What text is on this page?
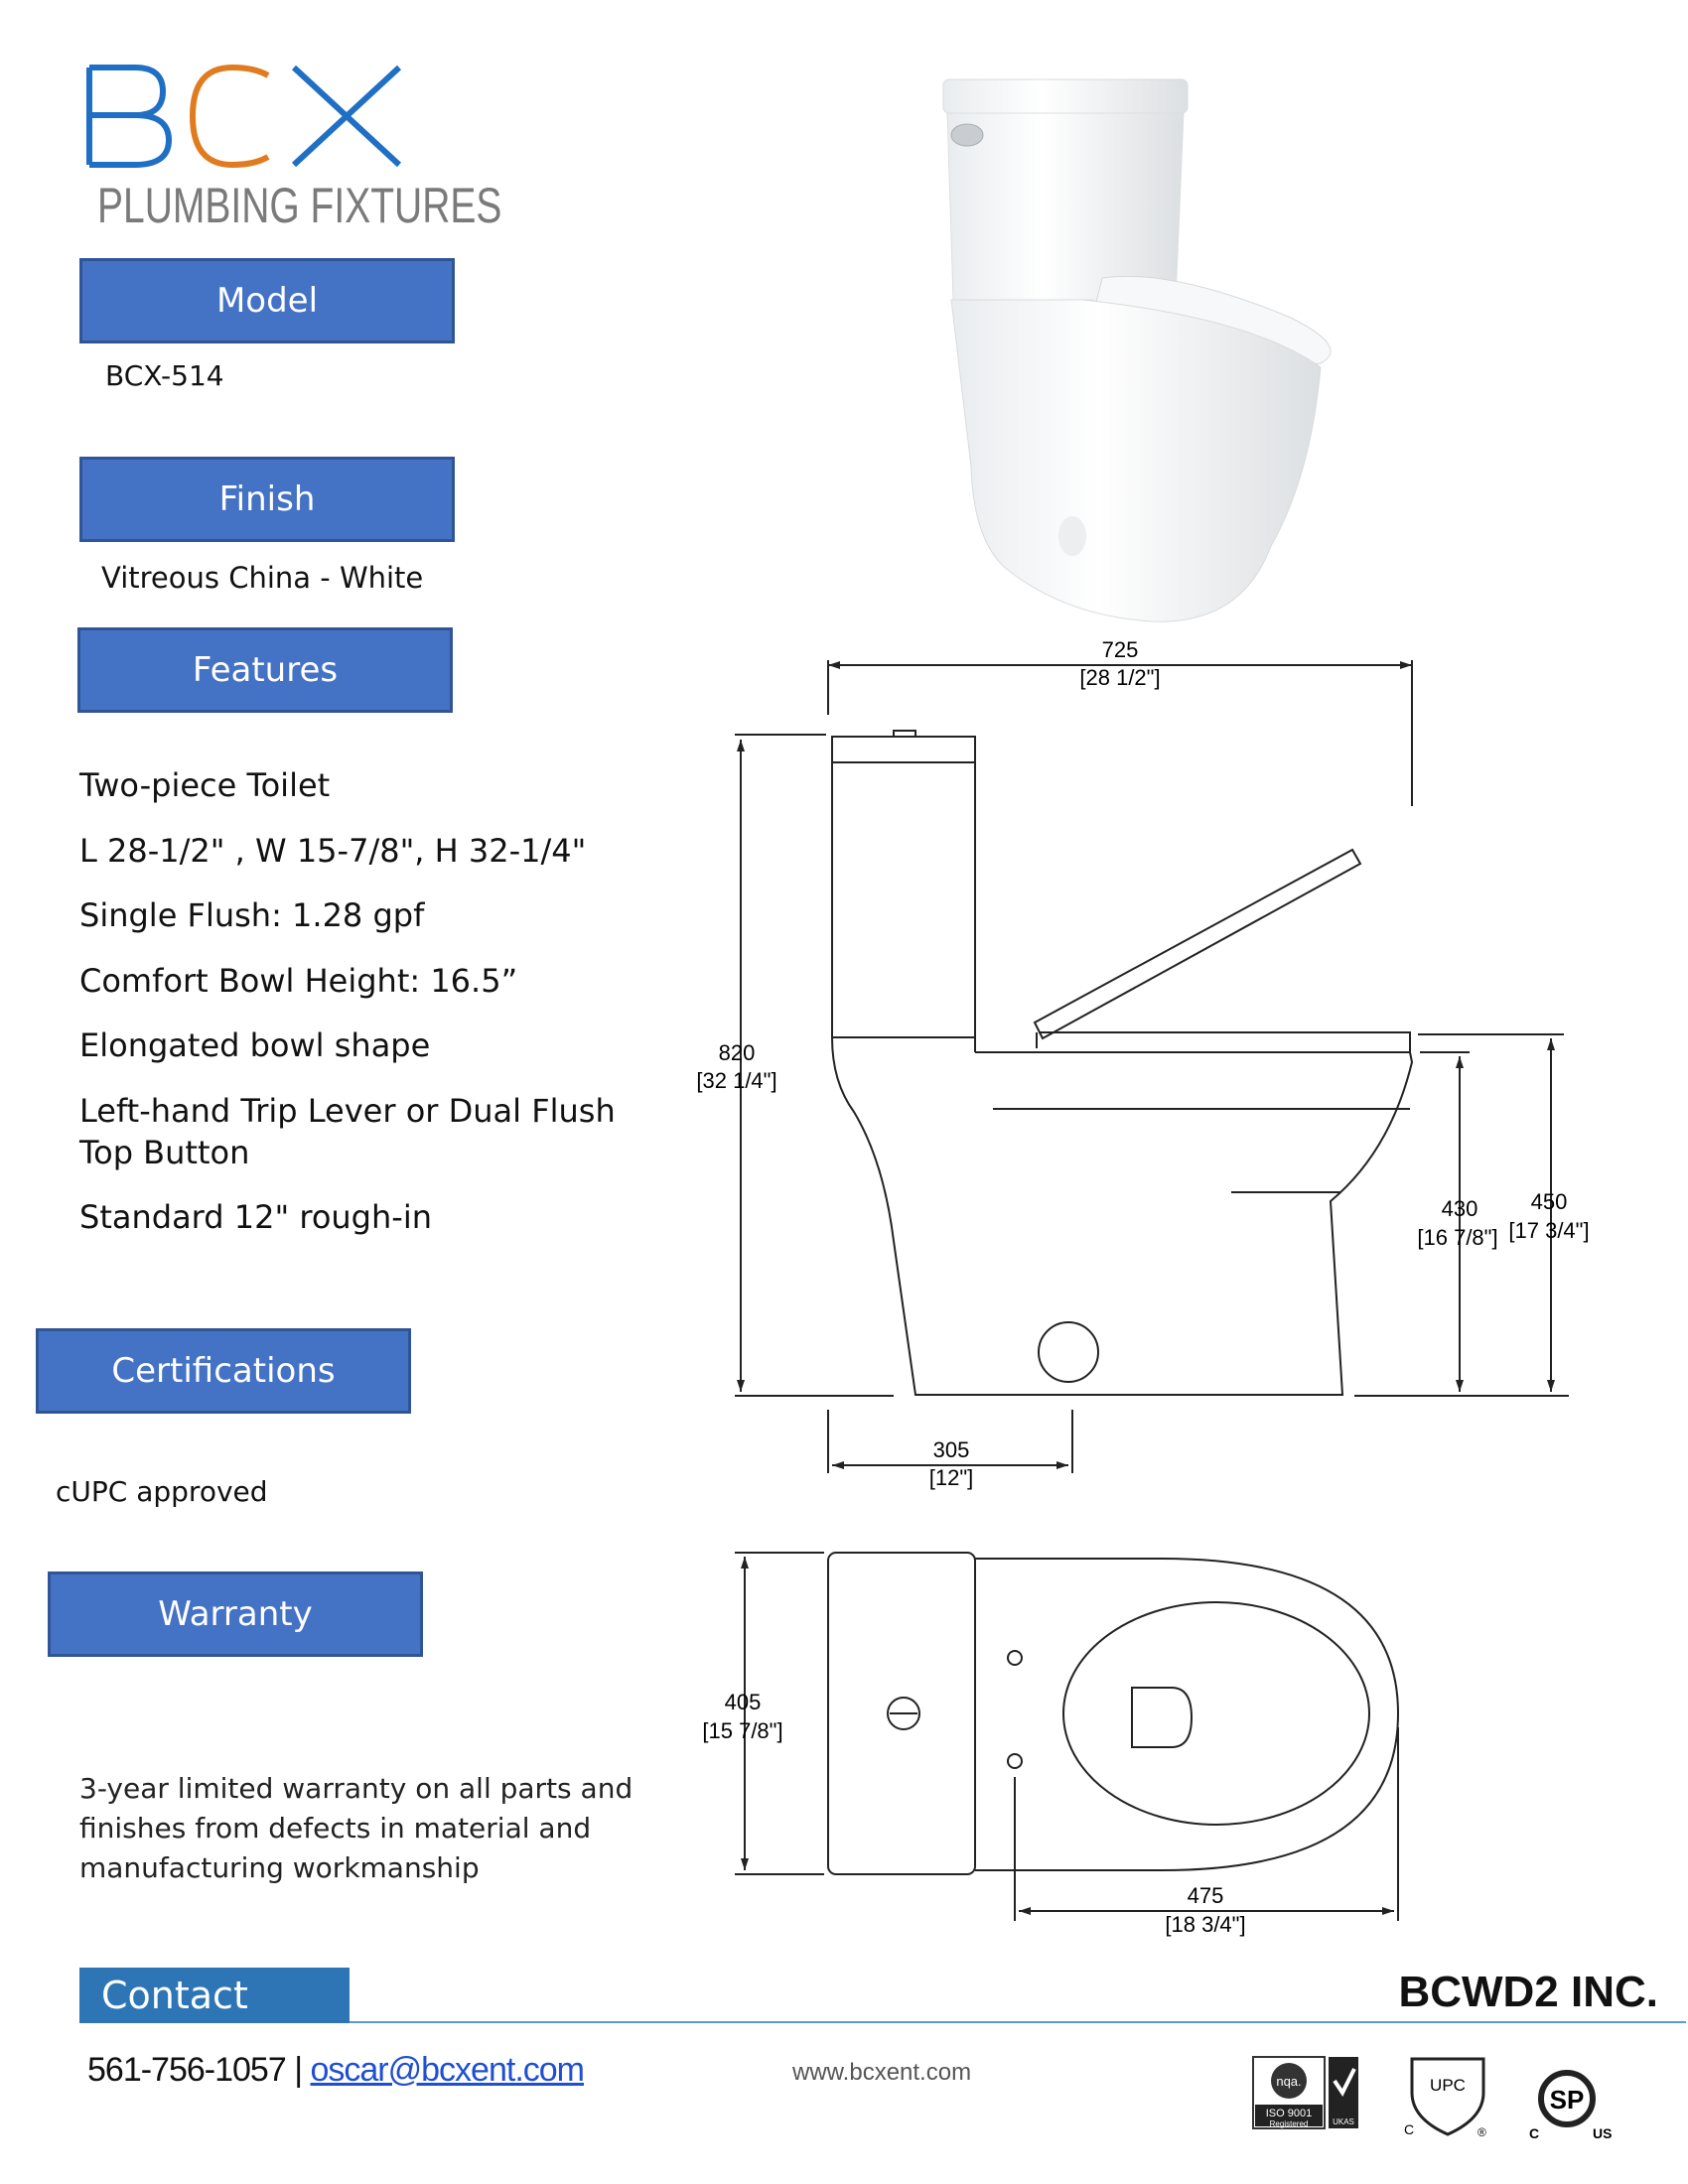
PLUMBING FIXTURES
Model
BCX-514
Finish
Vitreous China - White
Features
Two-piece Toilet
L 28-1/2" , W 15-7/8", H 32-1/4"
Single Flush: 1.28 gpf
Comfort Bowl Height: 16.5”
Elongated bowl shape
Left-hand Trip Lever or Dual Flush
Top Button
Standard 12" rough-in
Certifications
cUPC approved
Warranty
3-year limited warranty on all parts and
finishes from defects in material and
manufacturing workmanship
725
[28 1/2"]
820
[32 1/4"]
430
[16 7/8"]
450
[17 3/4"]
305
[12"]
405
[15 7/8"]
475
[18 3/4"]
Contact	BCWD2 INC.
561-756-1057 | oscar@bcxent.com	www.bcxent.com	nqa.
ISO 9001
Registered	UKAS
UPC
C	®
SP
C	US
